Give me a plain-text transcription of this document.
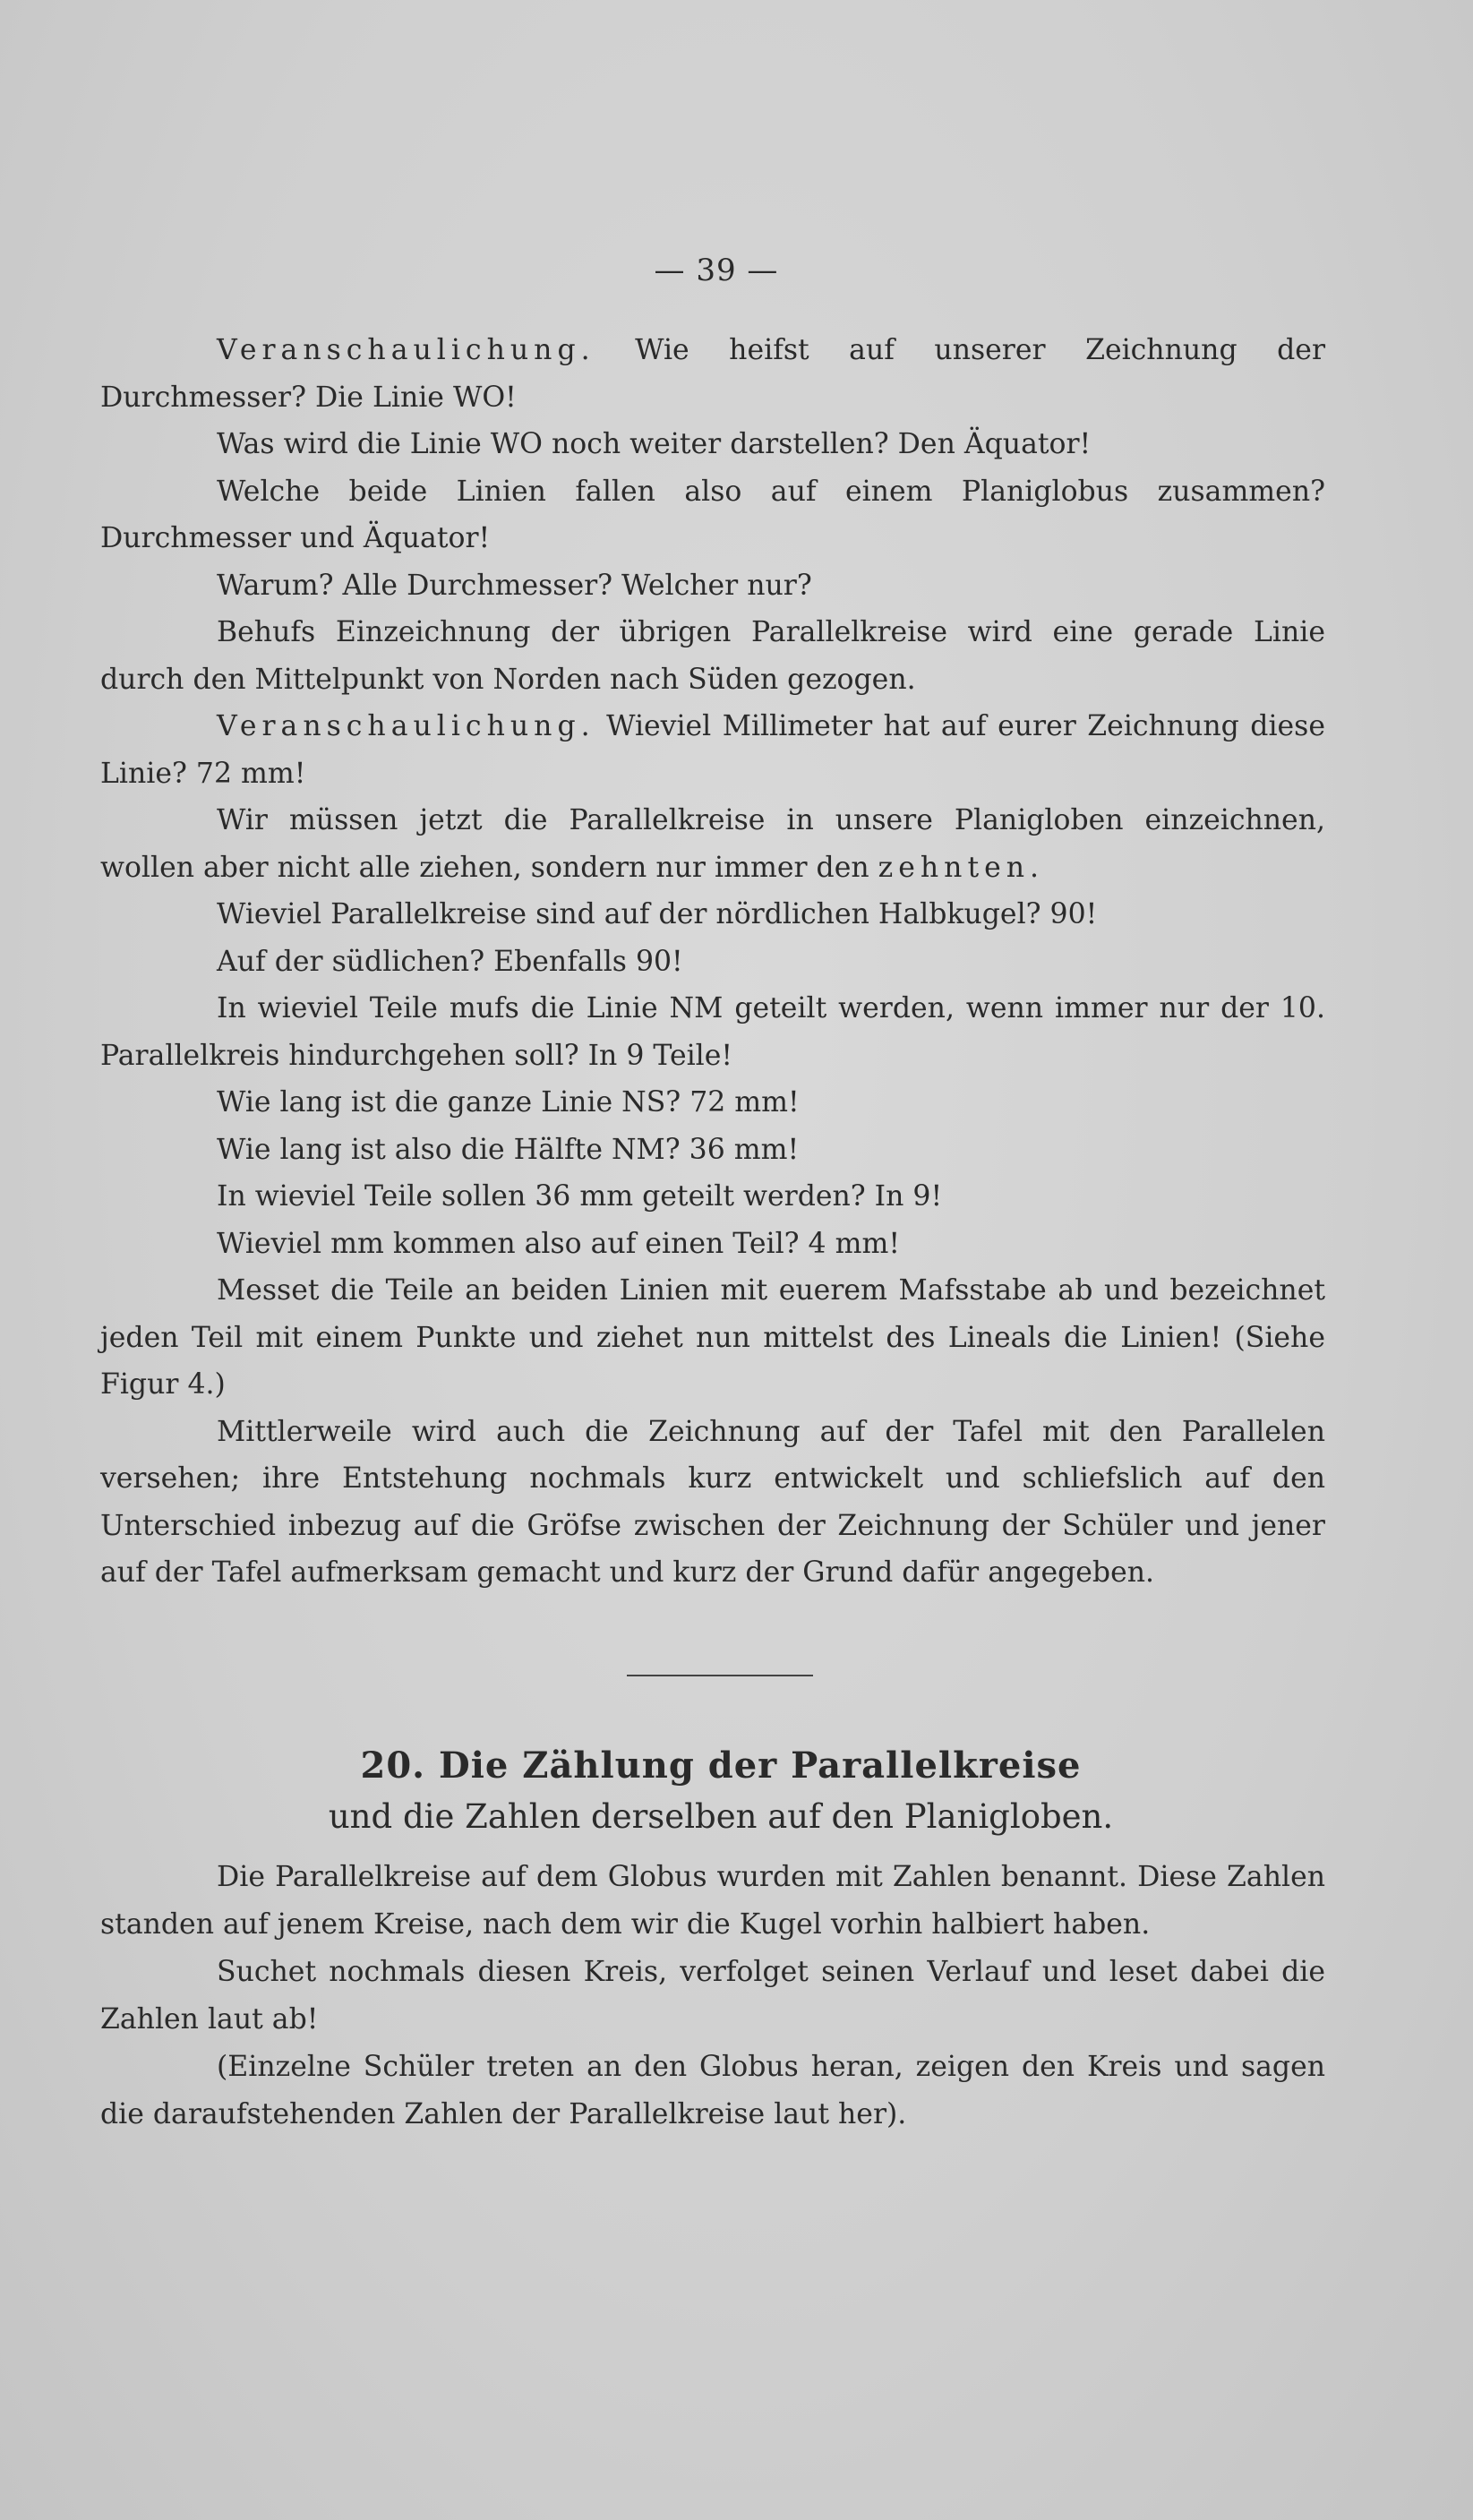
— 39 —

Veranschaulichung. Wie heifst auf unserer Zeichnung der Durchmesser? Die Linie WO!

Was wird die Linie WO noch weiter darstellen? Den Äquator!

Welche beide Linien fallen also auf einem Planiglobus zusammen? Durchmesser und Äquator!

Warum? Alle Durchmesser? Welcher nur?

Behufs Einzeichnung der übrigen Parallelkreise wird eine gerade Linie durch den Mittelpunkt von Norden nach Süden gezogen.

Veranschaulichung. Wieviel Millimeter hat auf eurer Zeichnung diese Linie? 72 mm!

Wir müssen jetzt die Parallelkreise in unsere Planigloben einzeichnen, wollen aber nicht alle ziehen, sondern nur immer den zehnten.

Wieviel Parallelkreise sind auf der nördlichen Halbkugel? 90!

Auf der südlichen? Ebenfalls 90!

In wieviel Teile mufs die Linie NM geteilt werden, wenn immer nur der 10. Parallelkreis hindurchgehen soll? In 9 Teile!

Wie lang ist die ganze Linie NS? 72 mm!

Wie lang ist also die Hälfte NM? 36 mm!

In wieviel Teile sollen 36 mm geteilt werden? In 9!

Wieviel mm kommen also auf einen Teil? 4 mm!

Messet die Teile an beiden Linien mit euerem Mafsstabe ab und bezeichnet jeden Teil mit einem Punkte und ziehet nun mittelst des Lineals die Linien! (Siehe Figur 4.)

Mittlerweile wird auch die Zeichnung auf der Tafel mit den Parallelen versehen; ihre Entstehung nochmals kurz entwickelt und schliefslich auf den Unterschied inbezug auf die Gröfse zwischen der Zeichnung der Schüler und jener auf der Tafel aufmerksam gemacht und kurz der Grund dafür angegeben.

20. Die Zählung der Parallelkreise
und die Zahlen derselben auf den Planigloben.

Die Parallelkreise auf dem Globus wurden mit Zahlen benannt. Diese Zahlen standen auf jenem Kreise, nach dem wir die Kugel vorhin halbiert haben.

Suchet nochmals diesen Kreis, verfolget seinen Verlauf und leset dabei die Zahlen laut ab!

(Einzelne Schüler treten an den Globus heran, zeigen den Kreis und sagen die daraufstehenden Zahlen der Parallelkreise laut her).
